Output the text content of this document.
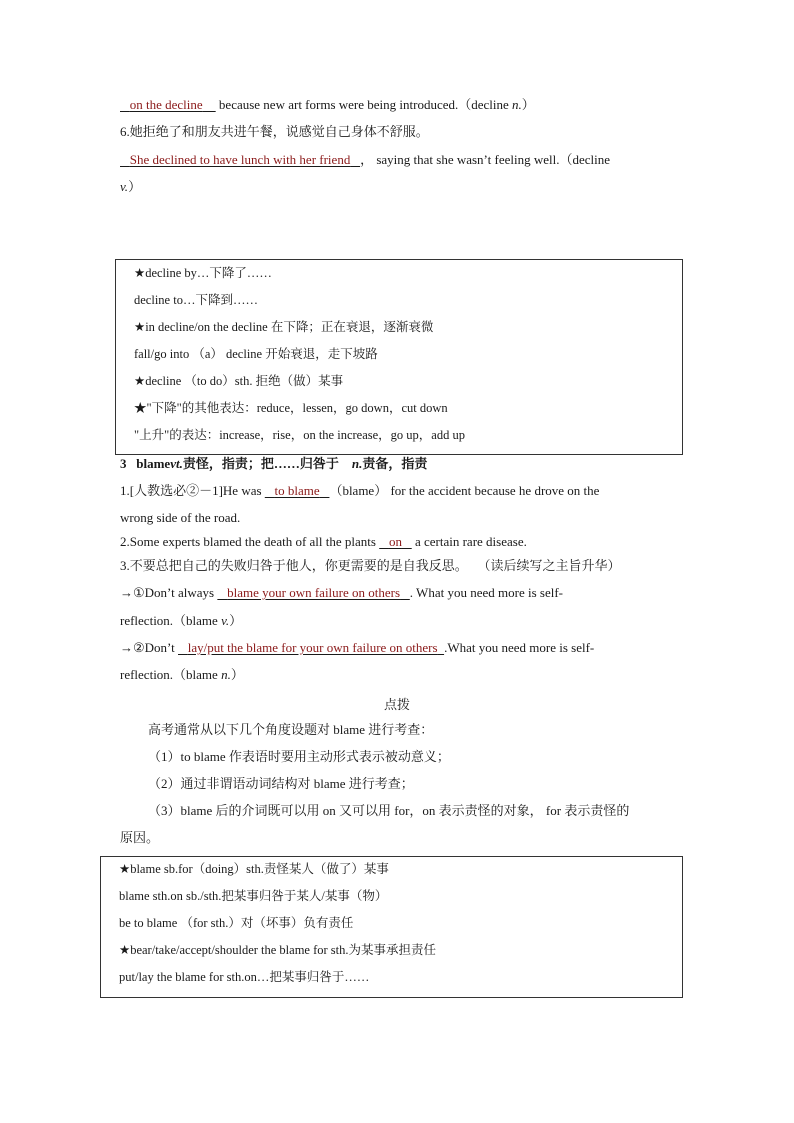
on the decline because new art forms were being introduced.（decline n.）
6.她拒绝了和朋友共进午餐，说感觉自己身体不舒服。
She declined to have lunch with her friend ， saying that she wasn’t feeling well.（decline
v.）
★decline by…下降了……
decline to…下降到……
★in decline/on the decline 在下降；正在衰退，逐渐衰微
fall/go into （a） decline 开始衰退，走下坡路
★decline （to do）sth. 拒绝（做）某事
★"下降"的其他表达：reduce，lessen，go down，cut down
"上升"的表达：increase，rise，on the increase，go up，add up
3 blamevt.责怪，指责；把……归咎于 n.责备，指责
1.[人教选必②－1]He was    to blame （blame） for the accident because he drove on the
wrong side of the road.
2.Some experts blamed the death of all the plants    on    a certain rare disease.
3.不要总把自己的失败归咎于他人，你更需要的是自我反思。 （读后续写之主旨升华）
→①Don’t always    blame your own failure on others . What you need more is self-
reflection.（blame v.）
→②Don’t    lay/put the blame for your own failure on others .What you need more is self-
reflection.（blame n.）
点拨
高考通常从以下几个角度设题对 blame 进行考查：
（1）to blame 作表语时要用主动形式表示被动意义；
（2）通过非谓语动词结构对 blame 进行考查；
（3）blame 后的介词既可以用 on 又可以用 for，on 表示责怪的对象， for 表示责怪的
原因。
★blame sb.for（doing）sth.责怪某人（做了）某事
blame sth.on sb./sth.把某事归咎于某人/某事（物）
be to blame （for sth.）对（坏事）负有责任
★bear/take/accept/shoulder the blame for sth.为某事承担责任
put/lay the blame for sth.on…把某事归咎于……
